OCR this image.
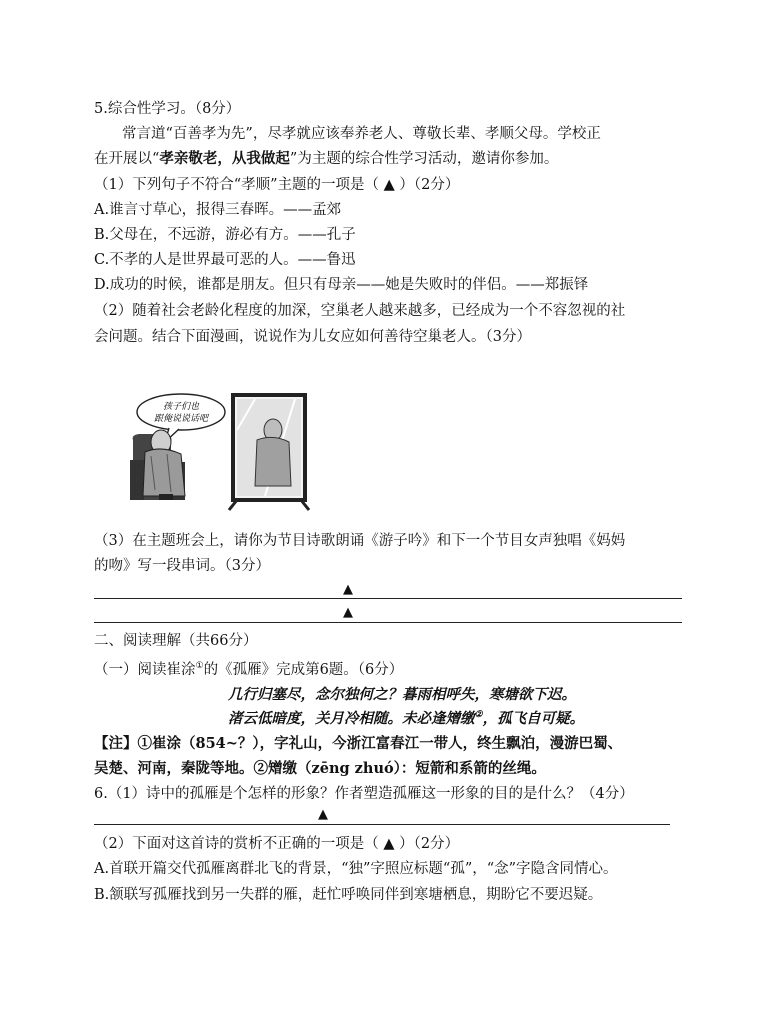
5.综合性学习。（8分）
常言道“百善孝为先”，尽孝就应该奉养老人、尊敬长辈、孝顺父母。学校正
在开展以“孝亲敬老，从我做起”为主题的综合性学习活动，邀请你参加。
（1）下列句子不符合“孝顺”主题的一项是（ ▲ ）（2分）
A.谁言寸草心，报得三春晖。——孟郊
B.父母在，不远游，游必有方。——孔子
C.不孝的人是世界最可恶的人。——鲁迅
D.成功的时候，谁都是朋友。但只有母亲——她是失败时的伴侣。——郑振铎
（2）随着社会老龄化程度的加深，空巢老人越来越多，已经成为一个不容忽视的社
会问题。结合下面漫画，说说作为儿女应如何善待空巢老人。（3分）
孩子们也
跟俺说说话吧
（3）在主题班会上，请你为节目诗歌朗诵《游子吟》和下一个节目女声独唱《妈妈
的吻》写一段串词。（3分）
▲
▲
二、阅读理解（共66分）
（一）阅读崔涂①的《孤雁》完成第6题。（6分）
几行归塞尽，念尔独何之？暮雨相呼失，寒塘欲下迟。
渚云低暗度，关月冷相随。未必逢矰缴②，孤飞自可疑。
【注】①崔涂（854~？），字礼山，今浙江富春江一带人，终生飘泊，漫游巴蜀、
吴楚、河南，秦陇等地。②矰缴（zēng zhuó）：短箭和系箭的丝绳。
6.（1）诗中的孤雁是个怎样的形象？作者塑造孤雁这一形象的目的是什么？（4分）
▲
（2）下面对这首诗的赏析不正确的一项是（ ▲ ）（2分）
A.首联开篇交代孤雁离群北飞的背景，“独”字照应标题“孤”，“念”字隐含同情心。
B.颔联写孤雁找到另一失群的雁，赶忙呼唤同伴到寒塘栖息，期盼它不要迟疑。
